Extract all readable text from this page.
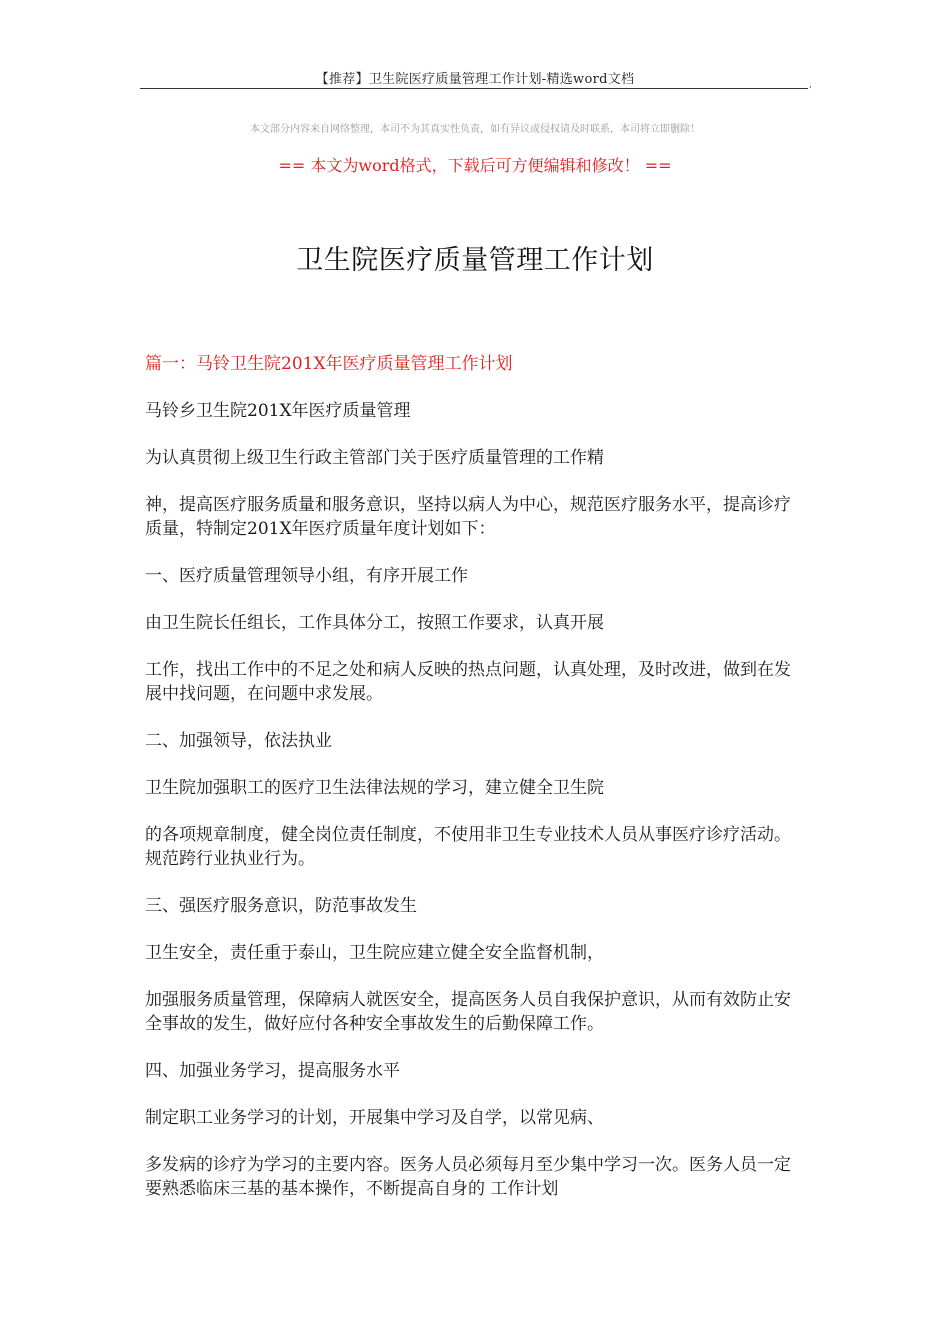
【推荐】卫生院医疗质量管理工作计划-精选word文档	,
本文部分内容来自网络整理，本司不为其真实性负责，如有异议或侵权请及时联系，本司将立即删除！
== 本文为word格式，下载后可方便编辑和修改！ ==
卫生院医疗质量管理工作计划

篇一：马铃卫生院201X年医疗质量管理工作计划

马铃乡卫生院201X年医疗质量管理

为认真贯彻上级卫生行政主管部门关于医疗质量管理的工作精

神，提高医疗服务质量和服务意识，坚持以病人为中心，规范医疗服务水平，提高诊疗质量，特制定201X年医疗质量年度计划如下：

一、医疗质量管理领导小组，有序开展工作

由卫生院长任组长，工作具体分工，按照工作要求，认真开展

工作，找出工作中的不足之处和病人反映的热点问题，认真处理，及时改进，做到在发展中找问题，在问题中求发展。

二、加强领导，依法执业

卫生院加强职工的医疗卫生法律法规的学习，建立健全卫生院

的各项规章制度，健全岗位责任制度，不使用非卫生专业技术人员从事医疗诊疗活动。规范跨行业执业行为。

三、强医疗服务意识，防范事故发生

卫生安全，责任重于泰山，卫生院应建立健全安全监督机制，

加强服务质量管理，保障病人就医安全，提高医务人员自我保护意识，从而有效防止安全事故的发生，做好应付各种安全事故发生的后勤保障工作。

四、加强业务学习，提高服务水平

制定职工业务学习的计划，开展集中学习及自学，以常见病、

多发病的诊疗为学习的主要内容。医务人员必须每月至少集中学习一次。医务人员一定要熟悉临床三基的基本操作，不断提高自身的 工作计划
